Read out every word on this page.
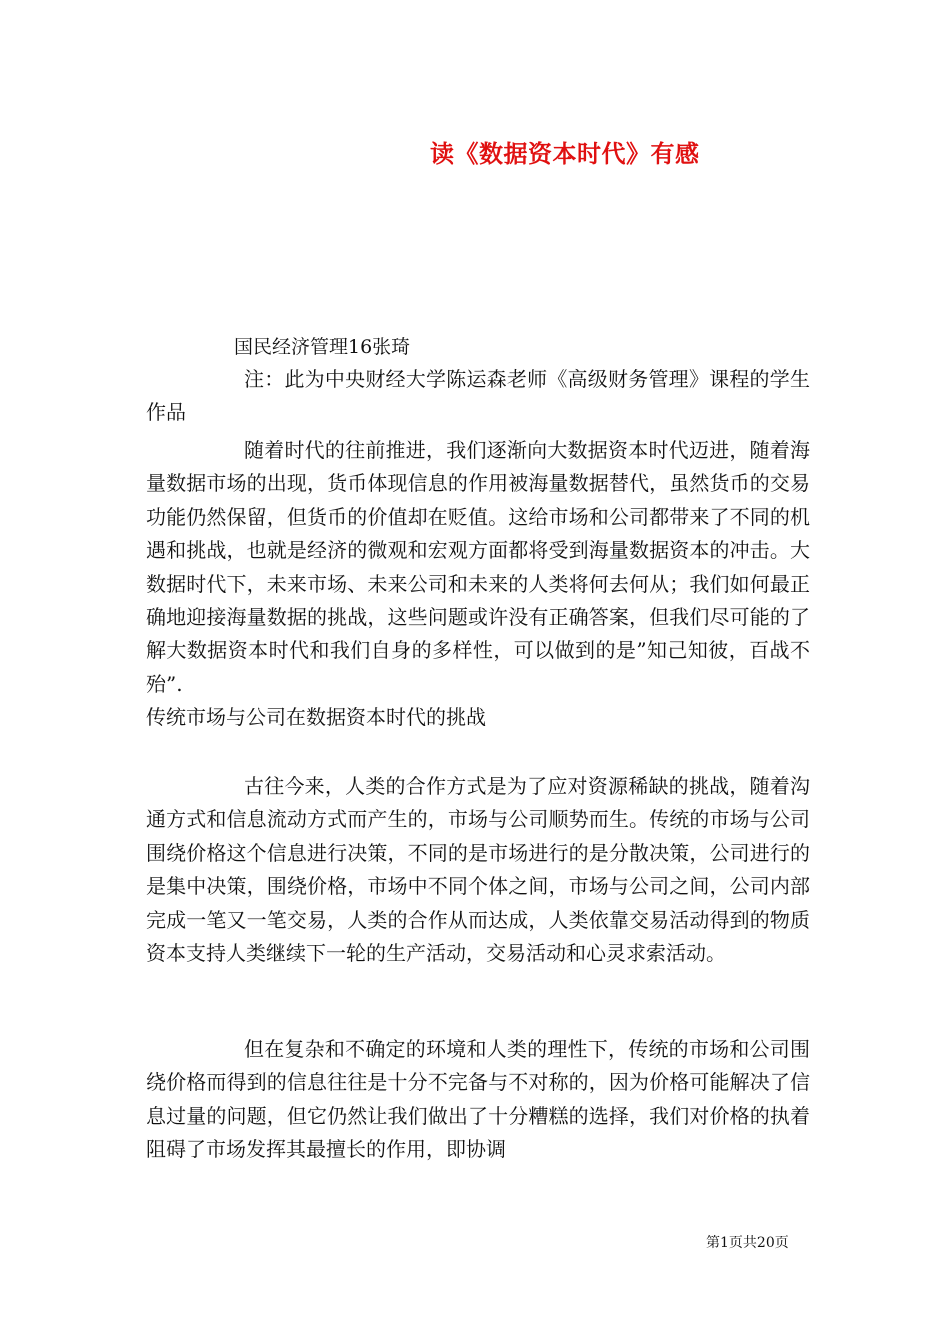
读《数据资本时代》有感
国民经济管理16张琦
注：此为中央财经大学陈运森老师《高级财务管理》课程的学生作品
随着时代的往前推进，我们逐渐向大数据资本时代迈进，随着海量数据市场的出现，货币体现信息的作用被海量数据替代，虽然货币的交易功能仍然保留，但货币的价值却在贬值。这给市场和公司都带来了不同的机遇和挑战，也就是经济的微观和宏观方面都将受到海量数据资本的冲击。大数据时代下，未来市场、未来公司和未来的人类将何去何从；我们如何最正确地迎接海量数据的挑战，这些问题或许没有正确答案，但我们尽可能的了解大数据资本时代和我们自身的多样性，可以做到的是”知己知彼，百战不殆”.
传统市场与公司在数据资本时代的挑战
古往今来，人类的合作方式是为了应对资源稀缺的挑战，随着沟通方式和信息流动方式而产生的，市场与公司顺势而生。传统的市场与公司围绕价格这个信息进行决策，不同的是市场进行的是分散决策，公司进行的是集中决策，围绕价格，市场中不同个体之间，市场与公司之间，公司内部完成一笔又一笔交易，人类的合作从而达成，人类依靠交易活动得到的物质资本支持人类继续下一轮的生产活动，交易活动和心灵求索活动。
但在复杂和不确定的环境和人类的理性下，传统的市场和公司围绕价格而得到的信息往往是十分不完备与不对称的，因为价格可能解决了信息过量的问题，但它仍然让我们做出了十分糟糕的选择，我们对价格的执着阻碍了市场发挥其最擅长的作用，即协调
第1页共20页
